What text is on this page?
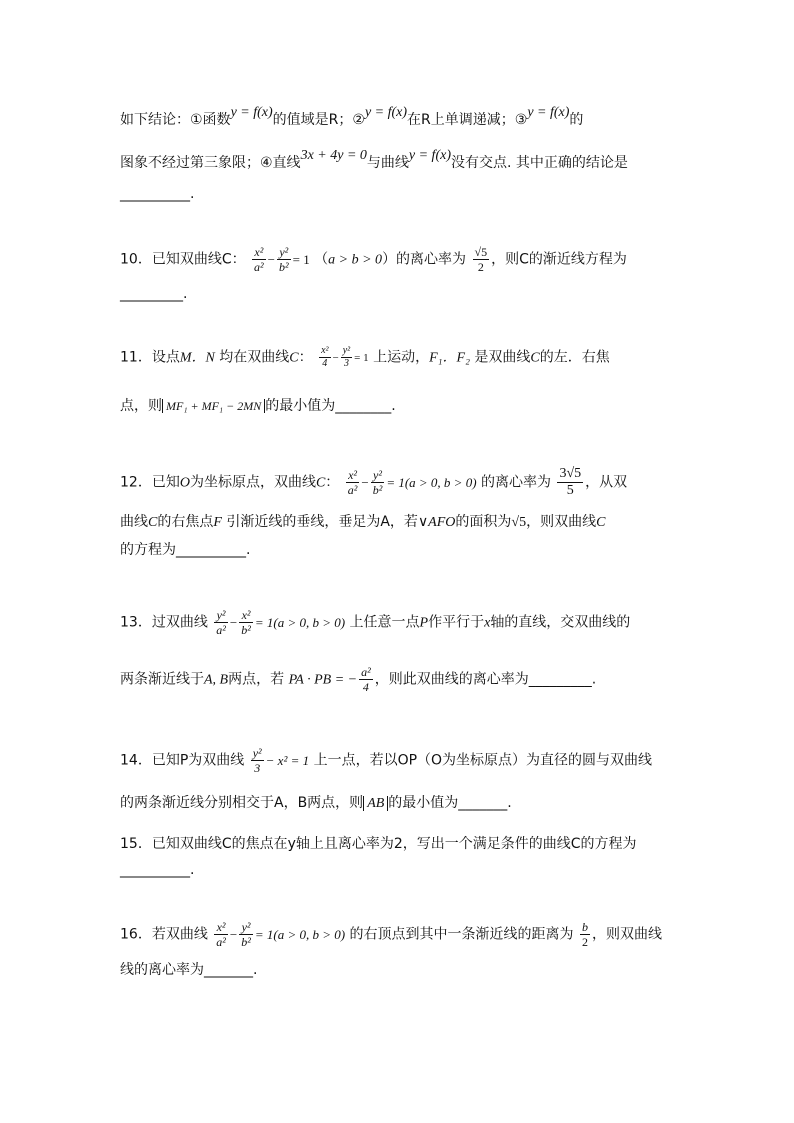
如下结论：①函数y = f(x)的值域是R；②y = f(x)在R上单调递减；③y = f(x)的
图象不经过第三象限；④直线3x + 4y = 0与曲线y = f(x)没有交点. 其中正确的结论是
__________.
10．已知双曲线C： $\frac{\text{x²}}{\text{a²}} - \frac{\text{y²}}{\text{b²}} = 1$ （a > b > 0）的离心率为 $\frac{√5}{2}$ ，则C的渐近线方程为
_________.
11．设点M．N 均在双曲线C： $\frac{\text{x²}}{4} - \frac{\text{y²}}{3} = 1$ 上运动，F₁．F₂ 是双曲线C的左．右焦
点，则 MF₁ + MF₁ − 2MN 的最小值为________.
12．已知O为坐标原点，双曲线C： $\frac{\text{x²}}{\text{a²}} - \frac{\text{y²}}{\text{b²}} = 1(a > 0$, b > 0) 的离心率为 $\frac{3√5}{5}$ ，从双
曲线C的右焦点F 引渐近线的垂线，垂足为A，若∨AFO的面积为√5，则双曲线C
的方程为__________.
13．过双曲线 $\frac{\text{y²}}{\text{a²}} - \frac{\text{x²}}{\text{b²}} = 1(a > 0$, b > 0) 上任意一点P作平行于x轴的直线，交双曲线的
两条渐近线于A, B两点，若 PA · PB = − $\frac{\text{a²}}{4}$ ，则此双曲线的离心率为_________.
14．已知P为双曲线 $\frac{\text{y²}}{3} - x^2 = 1$ 上一点，若以OP（O为坐标原点）为直径的圆与双曲线
的两条渐近线分别相交于A，B两点，则 AB 的最小值为_______.
15．已知双曲线C的焦点在y轴上且离心率为2，写出一个满足条件的曲线C的方程为
__________.
16．若双曲线 $\frac{\text{x²}}{\text{a²}} - \frac{\text{y²}}{\text{b²}} = 1(a > 0$, b > 0) 的右顶点到其中一条渐近线的距离为 $\frac{b}{2}$ ，则双曲线
线的离心率为_______.
